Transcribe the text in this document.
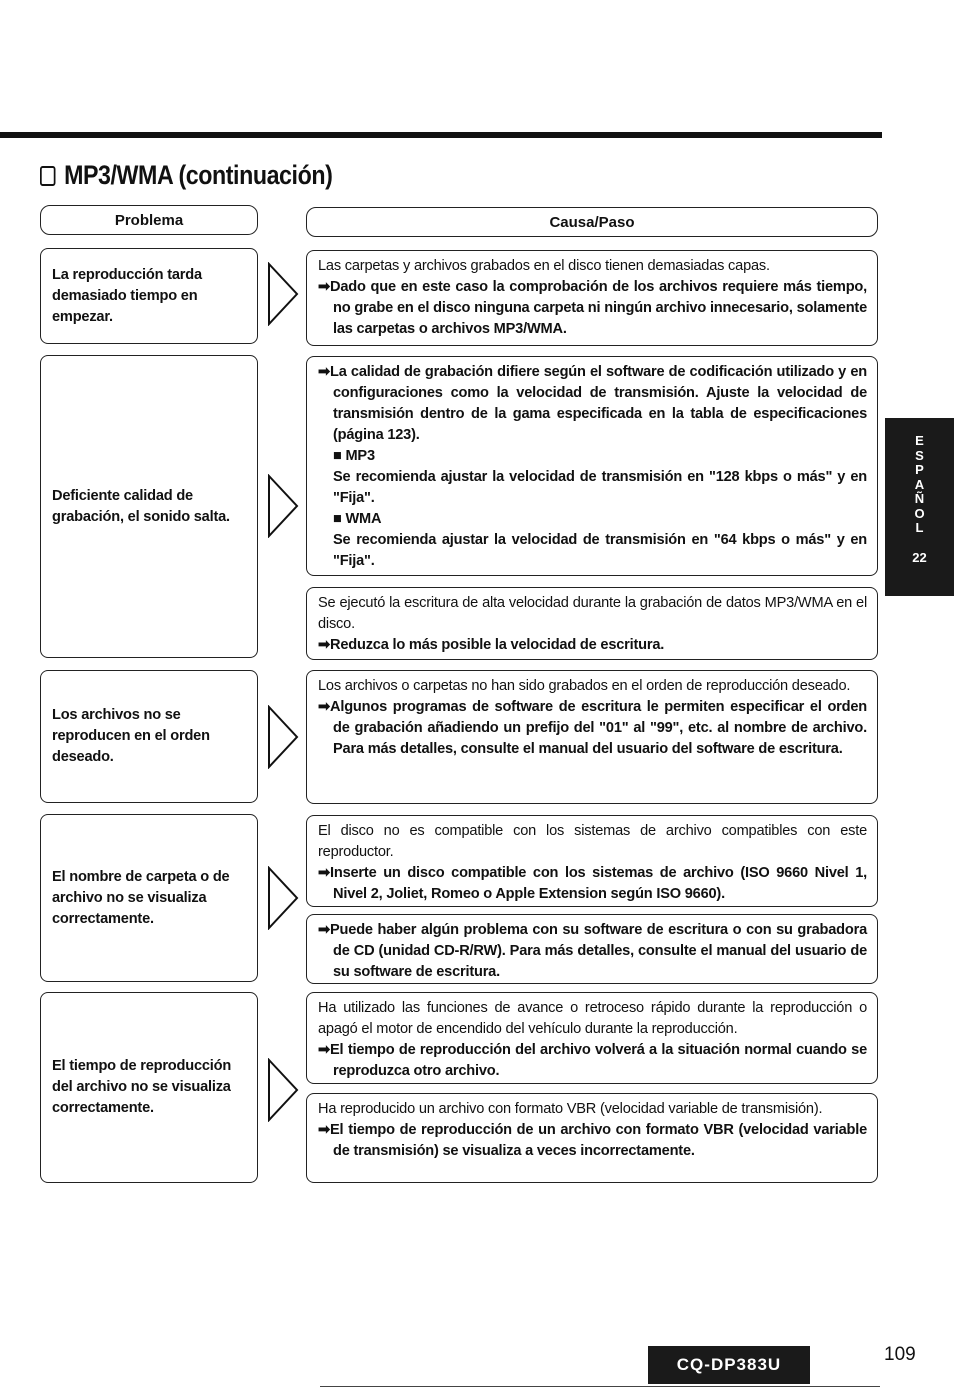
MP3/WMA (continuación)
Problema	Causa/Paso
La reproducción tarda
demasiado tiempo en
empezar.

Las carpetas y archivos grabados en el disco tienen demasiadas capas.

➡Dado que en este caso la comprobación de los archivos requiere más tiempo, no grabe en el disco ninguna carpeta ni ningún archivo innecesario, solamente las carpetas o archivos MP3/WMA.

Deficiente calidad de
grabación, el sonido salta.

➡La calidad de grabación difiere según el software de codificación utilizado y en configuraciones como la velocidad de transmisión. Ajuste la velocidad de transmisión dentro de la gama especificada en la tabla de especificaciones (página 123).

■ MP3

Se recomienda ajustar la velocidad de transmisión en "128 kbps o más" y en "Fija".

■ WMA

Se recomienda ajustar la velocidad de transmisión en "64 kbps o más" y en "Fija".

Se ejecutó la escritura de alta velocidad durante la grabación de datos MP3/WMA en el disco.

➡Reduzca lo más posible la velocidad de escritura.

Los archivos no se
reproducen en el orden
deseado.

Los archivos o carpetas no han sido grabados en el orden de reproducción deseado.

➡Algunos programas de software de escritura le permiten especificar el orden de grabación añadiendo un prefijo del "01" al "99", etc. al nombre de archivo. Para más detalles, consulte el manual del usuario del software de escritura.

El nombre de carpeta o de
archivo no se visualiza
correctamente.

El disco no es compatible con los sistemas de archivo compatibles con este reproductor.

➡Inserte un disco compatible con los sistemas de archivo (ISO 9660 Nivel 1, Nivel 2, Joliet, Romeo o Apple Extension según ISO 9660).

➡Puede haber algún problema con su software de escritura o con su grabadora de CD (unidad CD-R/RW). Para más detalles, consulte el manual del usuario de su software de escritura.

El tiempo de reproducción
del archivo no se visualiza
correctamente.

Ha utilizado las funciones de avance o retroceso rápido durante la reproducción o apagó el motor de encendido del vehículo durante la reproducción.

➡El tiempo de reproducción del archivo volverá a la situación normal cuando se reproduzca otro archivo.

Ha reproducido un archivo con formato VBR (velocidad variable de transmisión).

➡El tiempo de reproducción de un archivo con formato VBR (velocidad variable de transmisión) se visualiza a veces incorrectamente.

ESPAÑOL
22
CQ-DP383U	109
